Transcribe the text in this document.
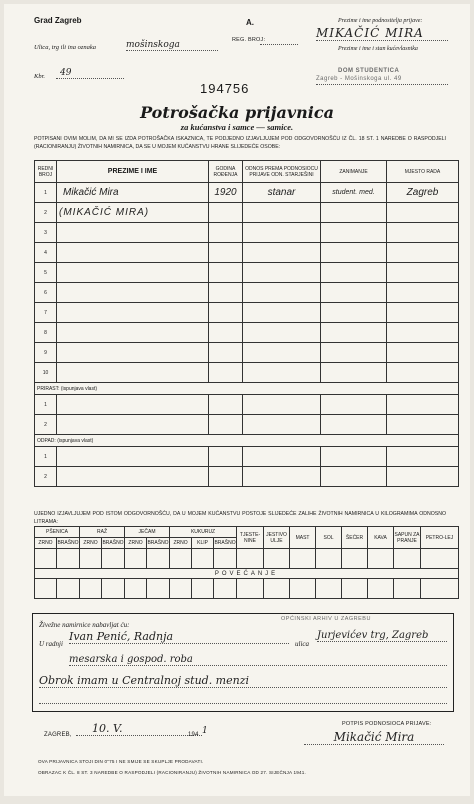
Grad Zagreb	A.
REG. BROJ:
Ulica, trg ili ina oznaka	mošinskoga
Kbr.	49
Prezime i ime podnositelja prijave:
MIKAČIĆ MIRA
Prezime i ime i stan kućevlasnika
DOM STUDENTICA
Zagreb - Mošinskoga ul. 49
194756
Potrošačka prijavnica
za kućanstva i samce — samice.
POTPISANI OVIM MOLIM, DA MI SE IZDA POTROŠAČKA ISKAZNICA, TE PODJEDNO IZJAVLJUJEM POD ODGOVORNOŠĆU IZ ČL. 18 ST. 1 NAREDBE O RASPODJELI (RACIONIRANJU) ŽIVOTNIH NAMIRNICA, DA SE U MOJEM KUĆANSTVU HRANE SLIJEDEĆE OSOBE:
REDNI BROJ	PREZIME I IME	GODINA ROĐENJA	ODNOS PREMA PODNOSIOCU PRIJAVE ODN. STARJEŠINI	ZANIMANJE	MJESTO RADA
1	Mikačić Mira	1920	stanar	student. med.	Zagreb
2	(MIKAČIĆ MIRA)				
3					
4					
5					
6					
7					
8					
9					
10					
PRIRAST: (ispunjava vlast)					
1					
2					
ODPAD: (ispunjava vlast)					
1					
2					
UJEDNO IZJAVLJUJEM POD ISTOM ODGOVORNOŠĆU, DA U MOJEM KUĆANSTVU POSTOJE SLIJEDEĆE ZALIHE ŽIVOTNIH NAMIRNICA U KILOGRAMIMA ODNOSNO LITRAMA:
PŠENICA		RAŽ		JEČAM		KUKURUZ			TJESTE-NINE	JESTIVO ULJE	MAST	SOL	ŠEĆER	KAVA	SAPUN ZA PRANJE	PETRO-LEJ
ZRNO	BRAŠNO	ZRNO	BRAŠNO	ZRNO	BRAŠNO	ZRNO	KLIP	BRAŠNO								

POVEĆANJE																

Živežne namirnice nabavljat ću:
OPĆINSKI ARHIV U ZAGREBU
U radnji
Ivan Penić, Radnja
ulica
Jurjevićev trg, Zagreb
mesarska i gospod. roba
Obrok imam u Centralnoj stud. menzi
ZAGREB,	10. V.	194 1
POTPIS PODNOSIOCA PRIJAVE:
Mikačić Mira
OVA PRIJAVNICA STOJI DIN 0"75 I NE SMIJE SE SKUPLJE PRODAVATI.
OBRAZAC K ČL. 8 ST. 3 NAREDBE O RASPODJELI (RACIONIRANJU) ŽIVOTNIH NAMIRNICA OD 27. SIJEČNJA 1941.
